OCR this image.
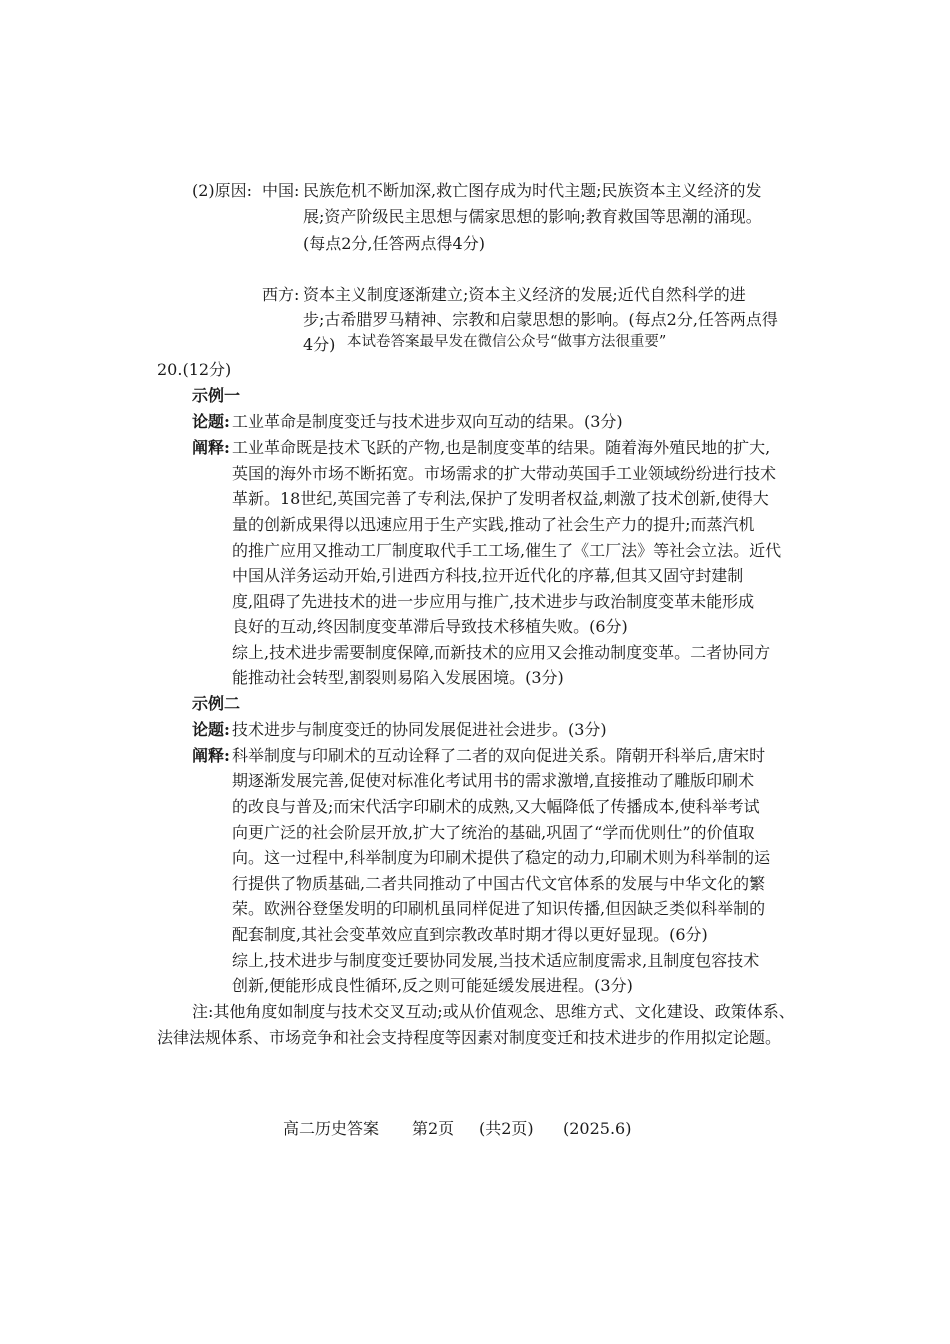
(2)原因: 中国: 民族危机不断加深,救亡图存成为时代主题;民族资本主义经济的发
展;资产阶级民主思想与儒家思想的影响;教育救国等思潮的涌现。
(每点2分,任答两点得4分)
西方: 资本主义制度逐渐建立;资本主义经济的发展;近代自然科学的进
步;古希腊罗马精神、宗教和启蒙思想的影响。(每点2分,任答两点得
4分) 本试卷答案最早发在微信公众号“做事方法很重要”
20.(12分)
示例一
论题: 工业革命是制度变迁与技术进步双向互动的结果。(3分)
阐释: 工业革命既是技术飞跃的产物,也是制度变革的结果。随着海外殖民地的扩大,
英国的海外市场不断拓宽。市场需求的扩大带动英国手工业领域纷纷进行技术
革新。18世纪,英国完善了专利法,保护了发明者权益,刺激了技术创新,使得大
量的创新成果得以迅速应用于生产实践,推动了社会生产力的提升;而蒸汽机
的推广应用又推动工厂制度取代手工工场,催生了《工厂法》等社会立法。近代
中国从洋务运动开始,引进西方科技,拉开近代化的序幕,但其又固守封建制
度,阻碍了先进技术的进一步应用与推广,技术进步与政治制度变革未能形成
良好的互动,终因制度变革滞后导致技术移植失败。(6分)
综上,技术进步需要制度保障,而新技术的应用又会推动制度变革。二者协同方
能推动社会转型,割裂则易陷入发展困境。(3分)
示例二
论题: 技术进步与制度变迁的协同发展促进社会进步。(3分)
阐释: 科举制度与印刷术的互动诠释了二者的双向促进关系。隋朝开科举后,唐宋时
期逐渐发展完善,促使对标准化考试用书的需求激增,直接推动了雕版印刷术
的改良与普及;而宋代活字印刷术的成熟,又大幅降低了传播成本,使科举考试
向更广泛的社会阶层开放,扩大了统治的基础,巩固了“学而优则仕”的价值取
向。这一过程中,科举制度为印刷术提供了稳定的动力,印刷术则为科举制的运
行提供了物质基础,二者共同推动了中国古代文官体系的发展与中华文化的繁
荣。欧洲谷登堡发明的印刷机虽同样促进了知识传播,但因缺乏类似科举制的
配套制度,其社会变革效应直到宗教改革时期才得以更好显现。(6分)
综上,技术进步与制度变迁要协同发展,当技术适应制度需求,且制度包容技术
创新,便能形成良性循环,反之则可能延缓发展进程。(3分)
注:其他角度如制度与技术交叉互动;或从价值观念、思维方式、文化建设、政策体系、
法律法规体系、市场竞争和社会支持程度等因素对制度变迁和技术进步的作用拟定论题。
高二历史答案 第2页 (共2页) (2025.6)
